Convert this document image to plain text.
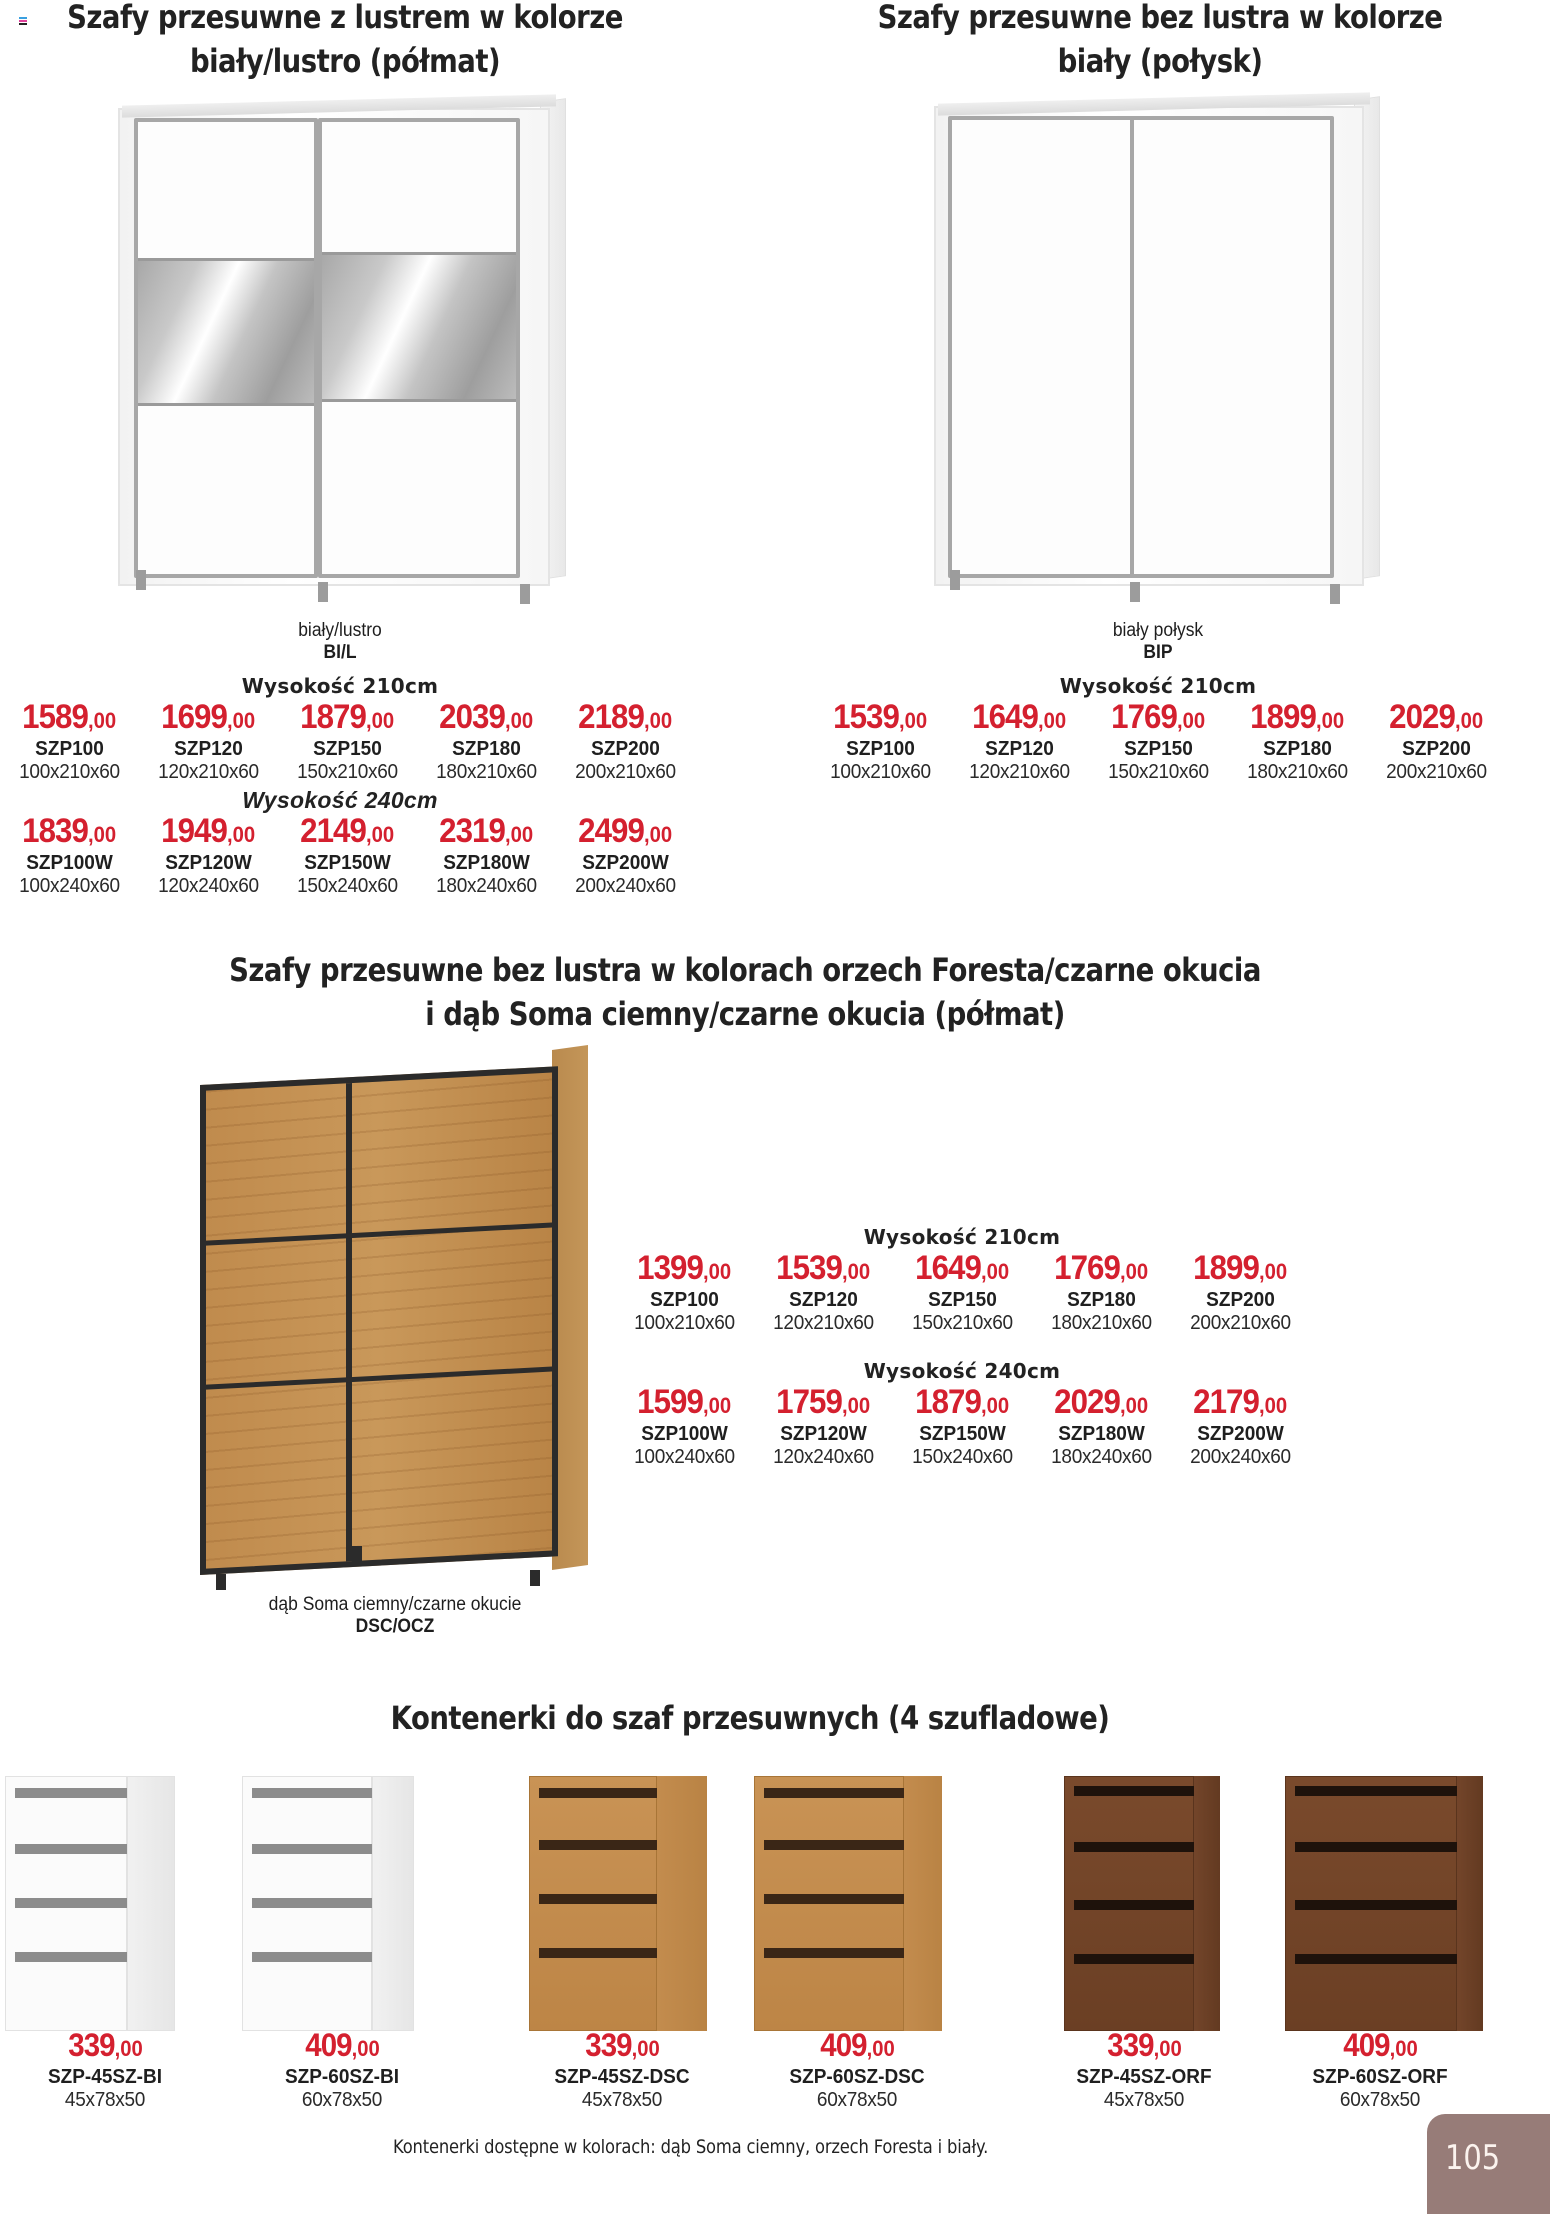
Szafy przesuwne z lustrem w kolorze
biały/lustro (półmat)
biały/lustro
BI/L
Wysokość 210cm
1589,00
SZP100
100x210x60
1699,00
SZP120
120x210x60
1879,00
SZP150
150x210x60
2039,00
SZP180
180x210x60
2189,00
SZP200
200x210x60
Wysokość 240cm
1839,00
SZP100W
100x240x60
1949,00
SZP120W
120x240x60
2149,00
SZP150W
150x240x60
2319,00
SZP180W
180x240x60
2499,00
SZP200W
200x240x60
Szafy przesuwne bez lustra w kolorze
biały (połysk)
biały połysk
BIP
Wysokość 210cm
1539,00
SZP100
100x210x60
1649,00
SZP120
120x210x60
1769,00
SZP150
150x210x60
1899,00
SZP180
180x210x60
2029,00
SZP200
200x210x60
Szafy przesuwne bez lustra w kolorach orzech Foresta/czarne okucia
i dąb Soma ciemny/czarne okucia (półmat)
dąb Soma ciemny/czarne okucie
DSC/OCZ
Wysokość 210cm
1399,00
SZP100
100x210x60
1539,00
SZP120
120x210x60
1649,00
SZP150
150x210x60
1769,00
SZP180
180x210x60
1899,00
SZP200
200x210x60
Wysokość 240cm
1599,00
SZP100W
100x240x60
1759,00
SZP120W
120x240x60
1879,00
SZP150W
150x240x60
2029,00
SZP180W
180x240x60
2179,00
SZP200W
200x240x60
Kontenerki do szaf przesuwnych (4 szufladowe)
339,00
SZP-45SZ-BI
45x78x50
409,00
SZP-60SZ-BI
60x78x50
339,00
SZP-45SZ-DSC
45x78x50
409,00
SZP-60SZ-DSC
60x78x50
339,00
SZP-45SZ-ORF
45x78x50
409,00
SZP-60SZ-ORF
60x78x50
Kontenerki dostępne w kolorach: dąb Soma ciemny, orzech Foresta i biały.	105
